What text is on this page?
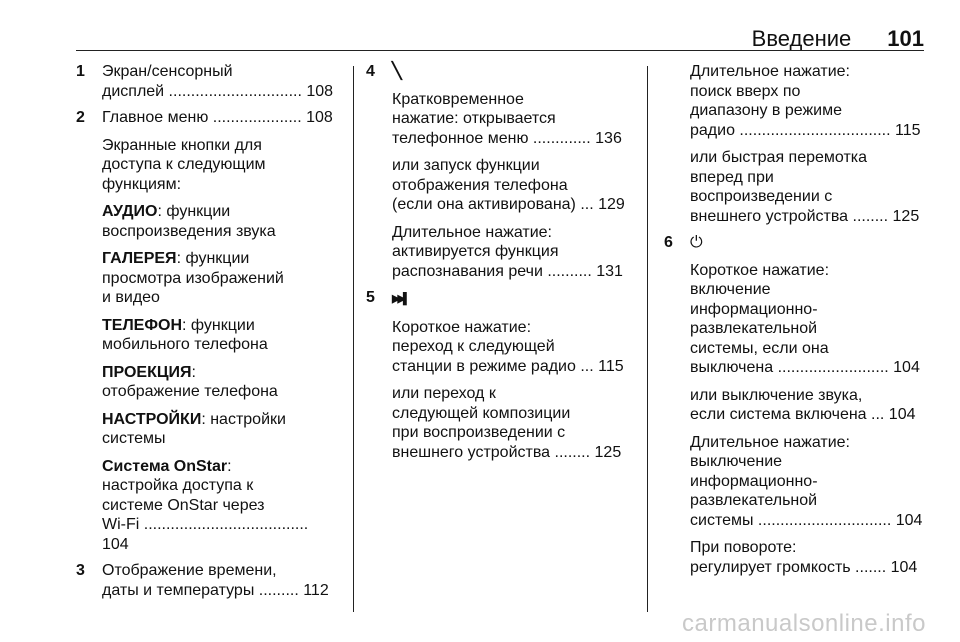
Введение 101
1 Экран/сенсорный
дисплей .............................. 108
2 Главное меню .................... 108
Экранные кнопки для
доступа к следующим
функциям:
АУДИО: функции
воспроизведения звука
ГАЛЕРЕЯ: функции
просмотра изображений
и видео
ТЕЛЕФОН: функции
мобильного телефона
ПРОЕКЦИЯ:
отображение телефона
НАСТРОЙКИ: настройки
системы
Система OnStar:
настройка доступа к
системе OnStar через
Wi-Fi ..................................... 104
3 Отображение времени,
даты и температуры ......... 112
4 ╲
Кратковременное
нажатие: открывается
телефонное меню ............. 136
или запуск функции
отображения телефона
(если она активирована) ... 129
Длительное нажатие:
активируется функция
распознавания речи .......... 131
5 ▶▶▌
Короткое нажатие:
переход к следующей
станции в режиме радио ... 115
или переход к
следующей композиции
при воспроизведении с
внешнего устройства ........ 125
Длительное нажатие:
поиск вверх по
диапазону в режиме
радио .................................. 115
или быстрая перемотка
вперед при
воспроизведении с
внешнего устройства ........ 125
6 ⏻
Короткое нажатие:
включение
информационно-
развлекательной
системы, если она
выключена ......................... 104
или выключение звука,
если система включена ... 104
Длительное нажатие:
выключение
информационно-
развлекательной
системы .............................. 104
При повороте:
регулирует громкость ....... 104
carmanualsonline.info
